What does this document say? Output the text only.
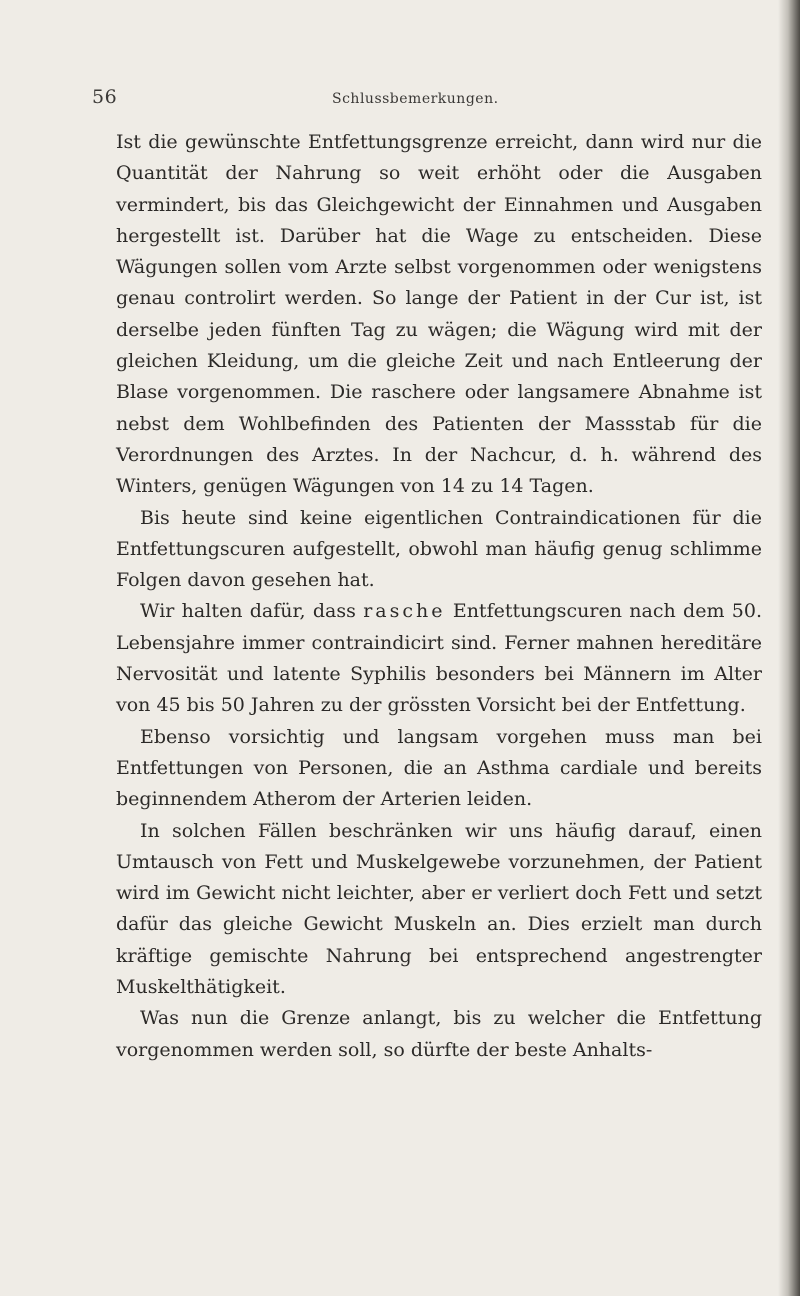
56	Schlussbemerkungen.

Ist die gewünschte Entfettungsgrenze erreicht, dann wird nur die Quantität der Nahrung so weit erhöht oder die Ausgaben vermindert, bis das Gleichgewicht der Einnahmen und Ausgaben hergestellt ist. Darüber hat die Wage zu entscheiden. Diese Wägungen sollen vom Arzte selbst vorgenommen oder wenigstens genau controlirt werden. So lange der Patient in der Cur ist, ist derselbe jeden fünften Tag zu wägen; die Wägung wird mit der gleichen Kleidung, um die gleiche Zeit und nach Entleerung der Blase vorgenommen. Die raschere oder langsamere Abnahme ist nebst dem Wohlbefinden des Patienten der Massstab für die Verordnungen des Arztes. In der Nachcur, d. h. während des Winters, genügen Wägungen von 14 zu 14 Tagen.

Bis heute sind keine eigentlichen Contraindicationen für die Entfettungscuren aufgestellt, obwohl man häufig genug schlimme Folgen davon gesehen hat.

Wir halten dafür, dass rasche Entfettungscuren nach dem 50. Lebensjahre immer contraindicirt sind. Ferner mahnen hereditäre Nervosität und latente Syphilis besonders bei Männern im Alter von 45 bis 50 Jahren zu der grössten Vorsicht bei der Entfettung.

Ebenso vorsichtig und langsam vorgehen muss man bei Entfettungen von Personen, die an Asthma cardiale und bereits beginnendem Atherom der Arterien leiden.

In solchen Fällen beschränken wir uns häufig darauf, einen Umtausch von Fett und Muskelgewebe vorzunehmen, der Patient wird im Gewicht nicht leichter, aber er verliert doch Fett und setzt dafür das gleiche Gewicht Muskeln an. Dies erzielt man durch kräftige gemischte Nahrung bei entsprechend angestrengter Muskelthätigkeit.

Was nun die Grenze anlangt, bis zu welcher die Entfettung vorgenommen werden soll, so dürfte der beste Anhalts-
